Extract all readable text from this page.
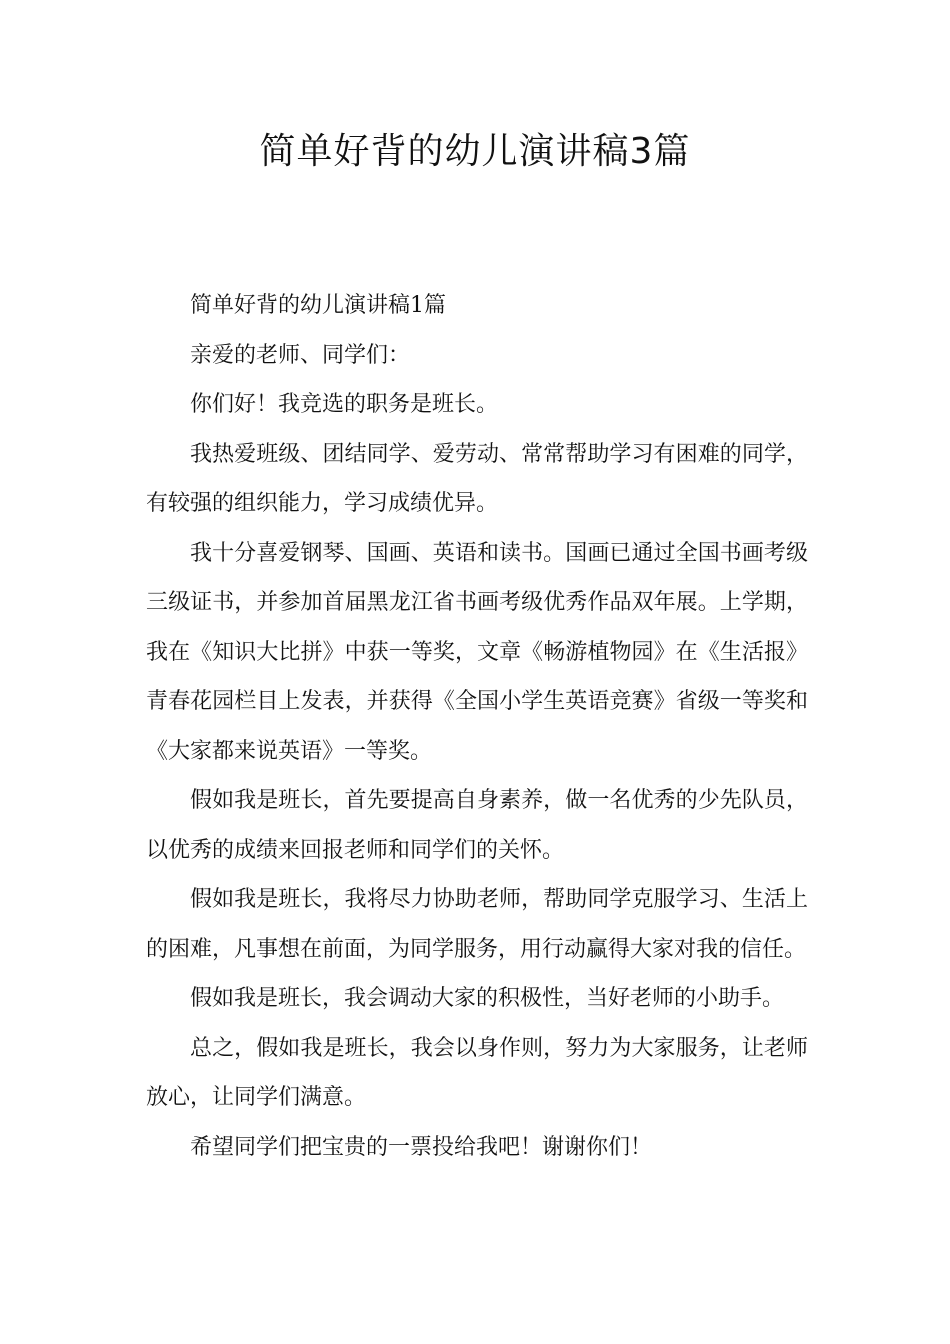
简单好背的幼儿演讲稿3篇

简单好背的幼儿演讲稿1篇

亲爱的老师、同学们：

你们好！我竞选的职务是班长。

我热爱班级、团结同学、爱劳动、常常帮助学习有困难的同学，有较强的组织能力，学习成绩优异。

我十分喜爱钢琴、国画、英语和读书。国画已通过全国书画考级三级证书，并参加首届黑龙江省书画考级优秀作品双年展。上学期，我在《知识大比拼》中获一等奖，文章《畅游植物园》在《生活报》青春花园栏目上发表，并获得《全国小学生英语竞赛》省级一等奖和《大家都来说英语》一等奖。

假如我是班长，首先要提高自身素养，做一名优秀的少先队员，以优秀的成绩来回报老师和同学们的关怀。

假如我是班长，我将尽力协助老师，帮助同学克服学习、生活上的困难，凡事想在前面，为同学服务，用行动赢得大家对我的信任。

假如我是班长，我会调动大家的积极性，当好老师的小助手。

总之，假如我是班长，我会以身作则，努力为大家服务，让老师放心，让同学们满意。

希望同学们把宝贵的一票投给我吧！谢谢你们！
